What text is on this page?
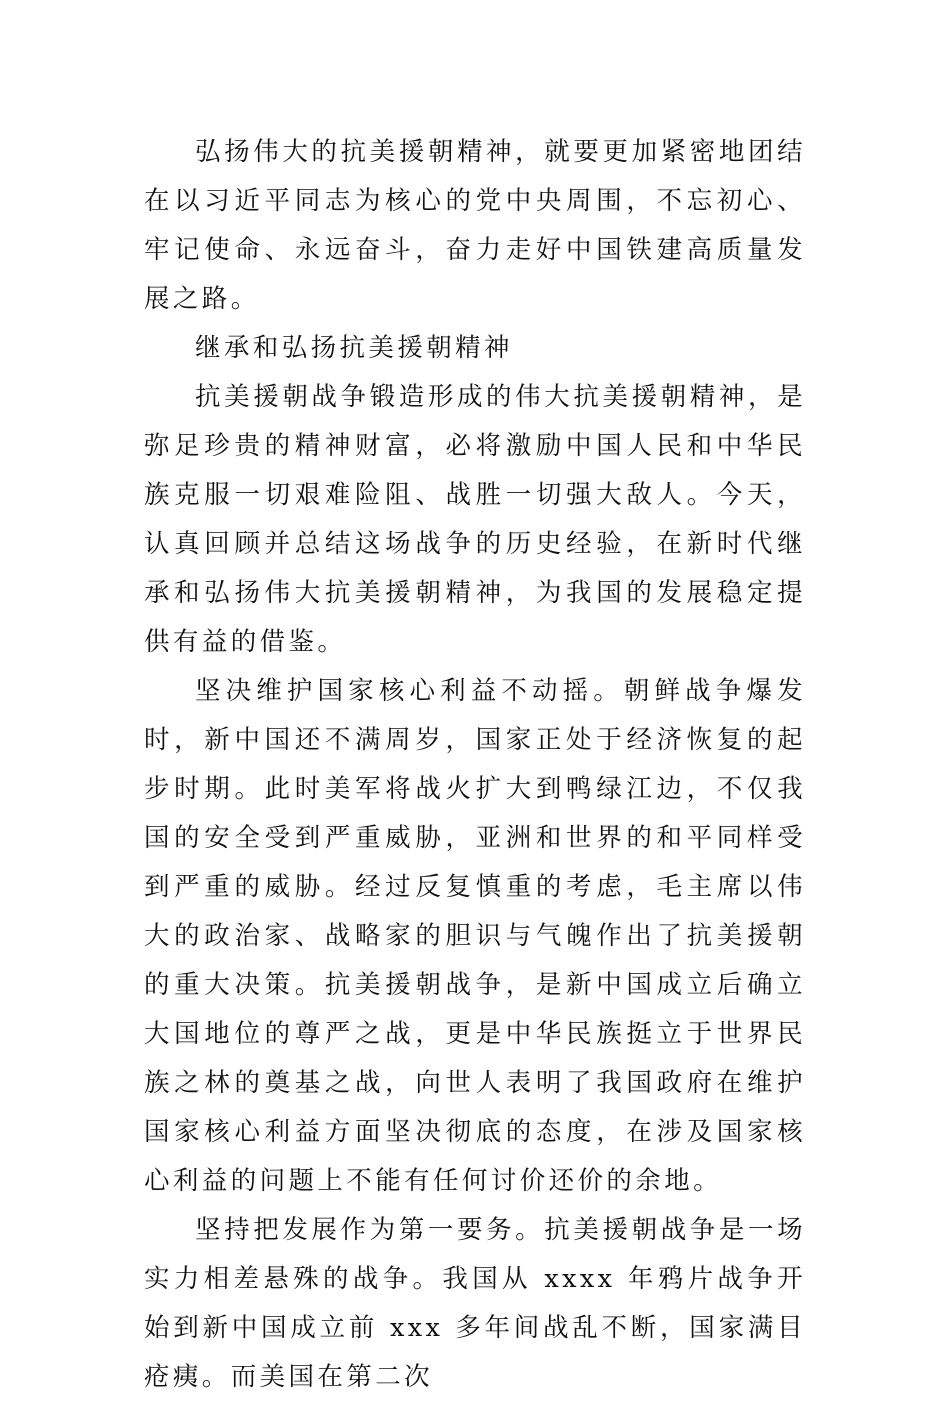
弘扬伟大的抗美援朝精神，就要更加紧密地团结在以习近平同志为核心的党中央周围，不忘初心、牢记使命、永远奋斗，奋力走好中国铁建高质量发展之路。

继承和弘扬抗美援朝精神

抗美援朝战争锻造形成的伟大抗美援朝精神，是弥足珍贵的精神财富，必将激励中国人民和中华民族克服一切艰难险阻、战胜一切强大敌人。今天，认真回顾并总结这场战争的历史经验，在新时代继承和弘扬伟大抗美援朝精神，为我国的发展稳定提供有益的借鉴。

坚决维护国家核心利益不动摇。朝鲜战争爆发时，新中国还不满周岁，国家正处于经济恢复的起步时期。此时美军将战火扩大到鸭绿江边，不仅我国的安全受到严重威胁，亚洲和世界的和平同样受到严重的威胁。经过反复慎重的考虑，毛主席以伟大的政治家、战略家的胆识与气魄作出了抗美援朝的重大决策。抗美援朝战争，是新中国成立后确立大国地位的尊严之战，更是中华民族挺立于世界民族之林的奠基之战，向世人表明了我国政府在维护国家核心利益方面坚决彻底的态度，在涉及国家核心利益的问题上不能有任何讨价还价的余地。

坚持把发展作为第一要务。抗美援朝战争是一场实力相差悬殊的战争。我国从 xxxx 年鸦片战争开始到新中国成立前 xxx 多年间战乱不断，国家满目疮痍。而美国在第二次
